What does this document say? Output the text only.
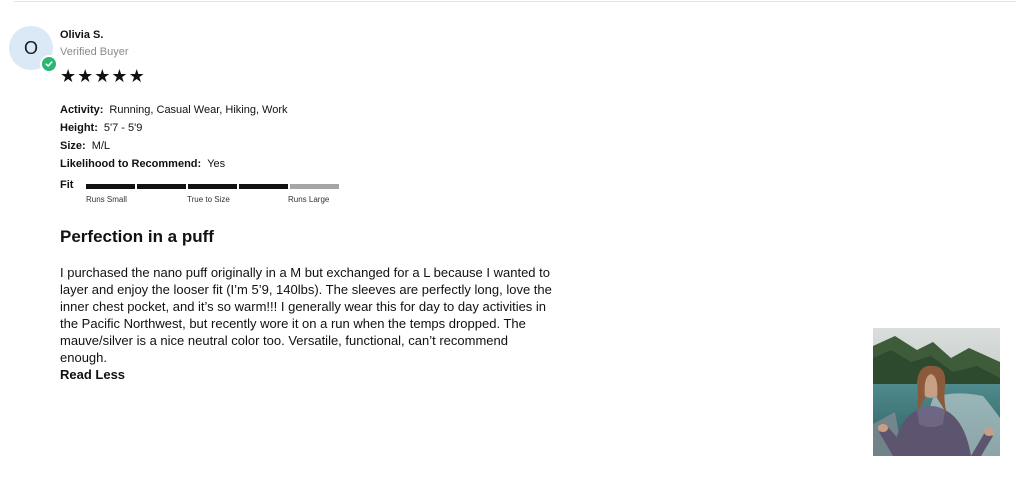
O
Olivia S.
Verified Buyer
★ ★ ★ ★ ★
Activity: Running, Casual Wear, Hiking, Work
Height: 5'7 - 5'9
Size: M/L
Likelihood to Recommend: Yes
Fit
Runs Small	True to Size	Runs Large
Perfection in a puff
I purchased the nano puff originally in a M but exchanged for a L because I wanted to layer and enjoy the looser fit (I’m 5’9, 140lbs). The sleeves are perfectly long, love the inner chest pocket, and it’s so warm!!! I generally wear this for day to day activities in the Pacific Northwest, but recently wore it on a run when the temps dropped. The mauve/silver is a nice neutral color too. Versatile, functional, can’t recommend enough.
Read Less
